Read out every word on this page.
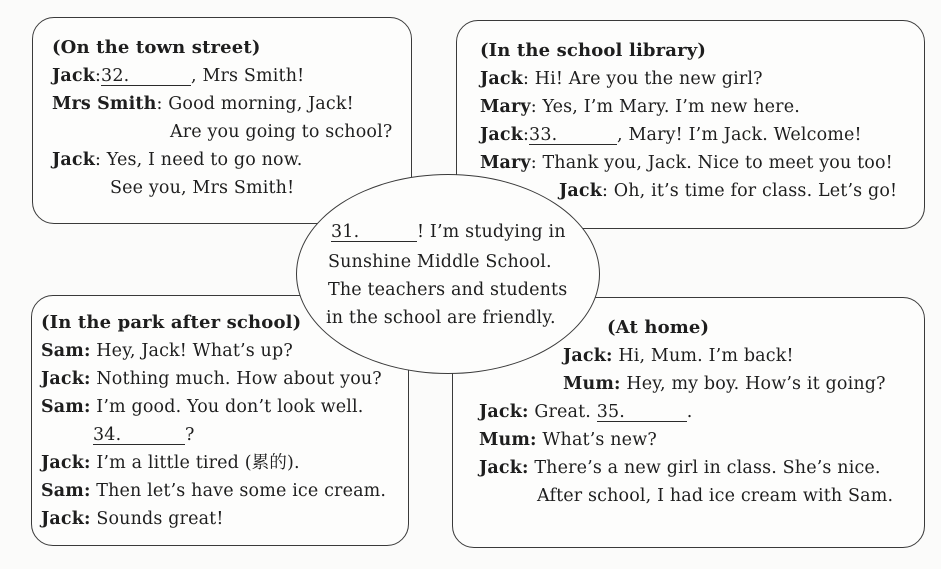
(On the town street)
Jack:32.	, Mrs Smith!
Mrs Smith: Good morning, Jack!
Are you going to school?
Jack: Yes, I need to go now.
See you, Mrs Smith!
(In the school library)
Jack: Hi! Are you the new girl?
Mary: Yes, I’m Mary. I’m new here.
Jack:33.	, Mary! I’m Jack. Welcome!
Mary: Thank you, Jack. Nice to meet you too!
Jack: Oh, it’s time for class. Let’s go!
(In the park after school)
Sam: Hey, Jack! What’s up?
Jack: Nothing much. How about you?
Sam: I’m good. You don’t look well.
34.	?
Jack: I’m a little tired (累的).
Sam: Then let’s have some ice cream.
Jack: Sounds great!
(At home)
Jack: Hi, Mum. I’m back!
Mum: Hey, my boy. How’s it going?
Jack: Great. 35.	.
Mum: What’s new?
Jack: There’s a new girl in class. She’s nice.
After school, I had ice cream with Sam.
31.	! I’m studying in
Sunshine Middle School.
The teachers and students
in the school are friendly.
